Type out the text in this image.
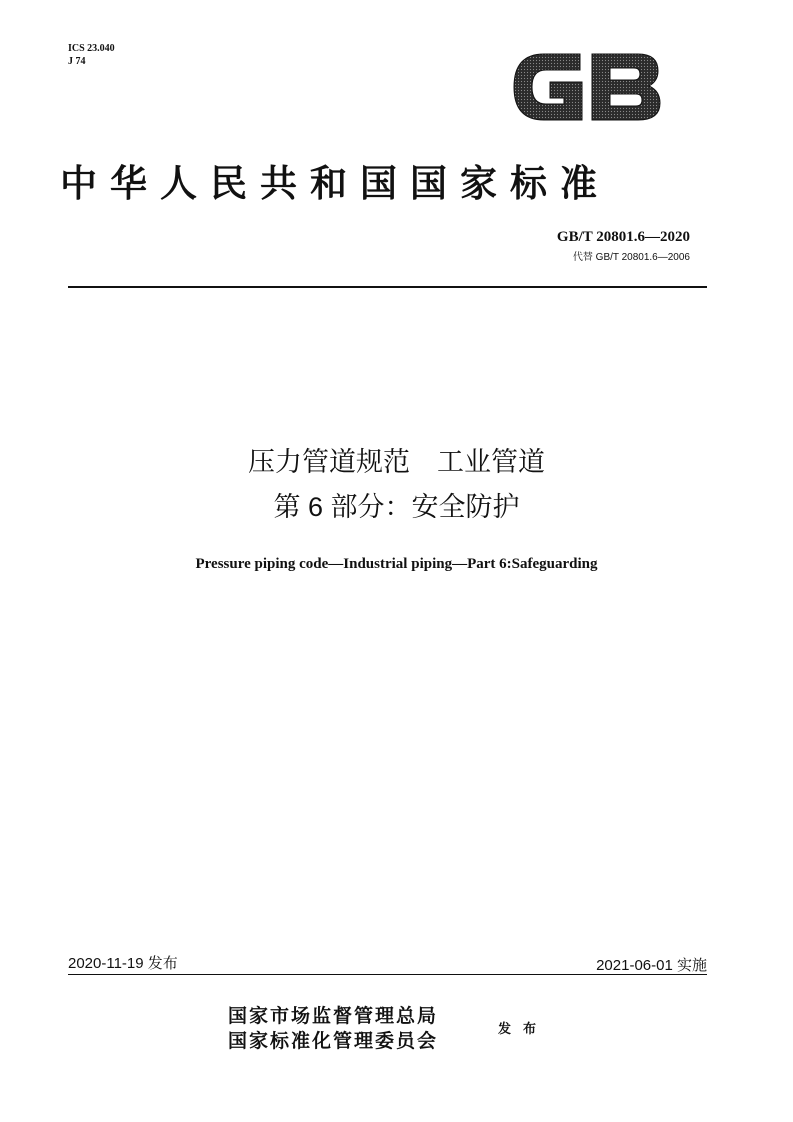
ICS 23.040
J 74
中华人民共和国国家标准
GB/T 20801.6—2020
代替 GB/T 20801.6—2006
压力管道规范　工业管道
第 6 部分：安全防护
Pressure piping code—Industrial piping—Part 6:Safeguarding
2020-11-19 发布	2021-06-01 实施
国家市场监督管理总局
国家标准化管理委员会
发布
